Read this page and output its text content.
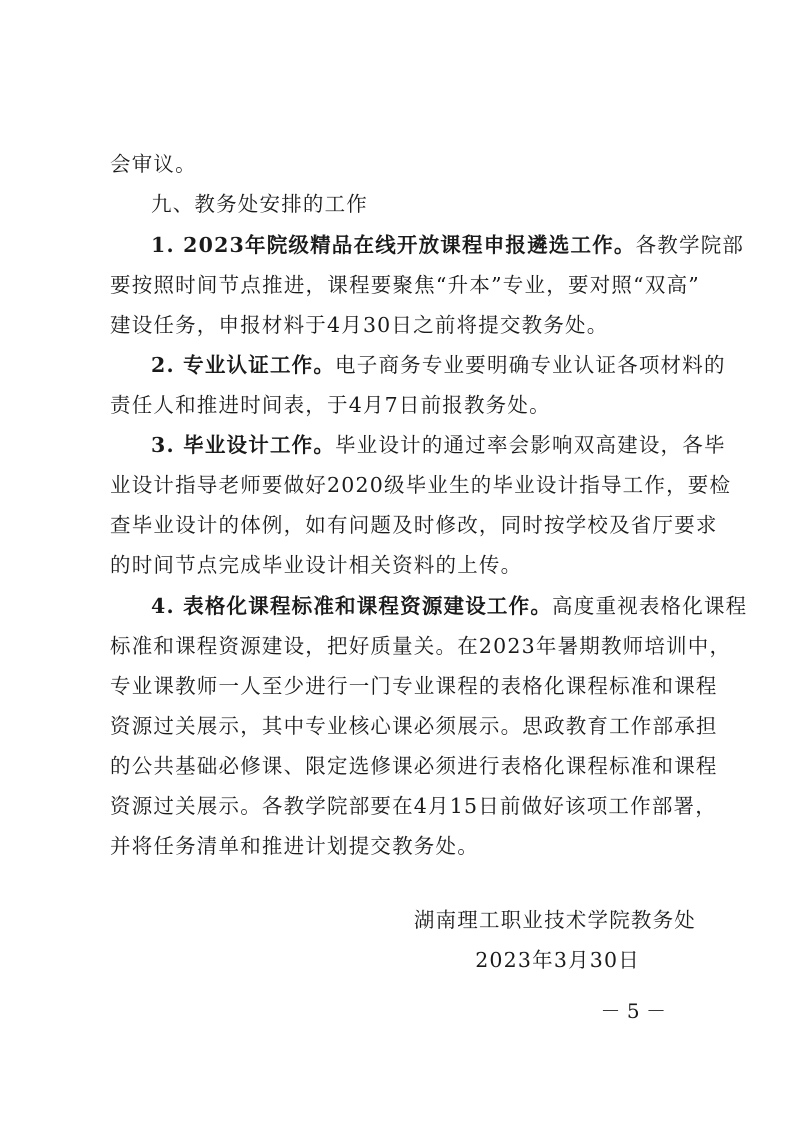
会审议。
九、教务处安排的工作
1. 2023年院级精品在线开放课程申报遴选工作。各教学院部
要按照时间节点推进，课程要聚焦“升本”专业，要对照“双高”
建设任务，申报材料于4月30日之前将提交教务处。
2. 专业认证工作。电子商务专业要明确专业认证各项材料的
责任人和推进时间表，于4月7日前报教务处。
3. 毕业设计工作。毕业设计的通过率会影响双高建设，各毕
业设计指导老师要做好2020级毕业生的毕业设计指导工作，要检
查毕业设计的体例，如有问题及时修改，同时按学校及省厅要求
的时间节点完成毕业设计相关资料的上传。
4. 表格化课程标准和课程资源建设工作。高度重视表格化课程
标准和课程资源建设，把好质量关。在2023年暑期教师培训中，
专业课教师一人至少进行一门专业课程的表格化课程标准和课程
资源过关展示，其中专业核心课必须展示。思政教育工作部承担
的公共基础必修课、限定选修课必须进行表格化课程标准和课程
资源过关展示。各教学院部要在4月15日前做好该项工作部署，
并将任务清单和推进计划提交教务处。
湖南理工职业技术学院教务处
2023年3月30日
－ 5 －
